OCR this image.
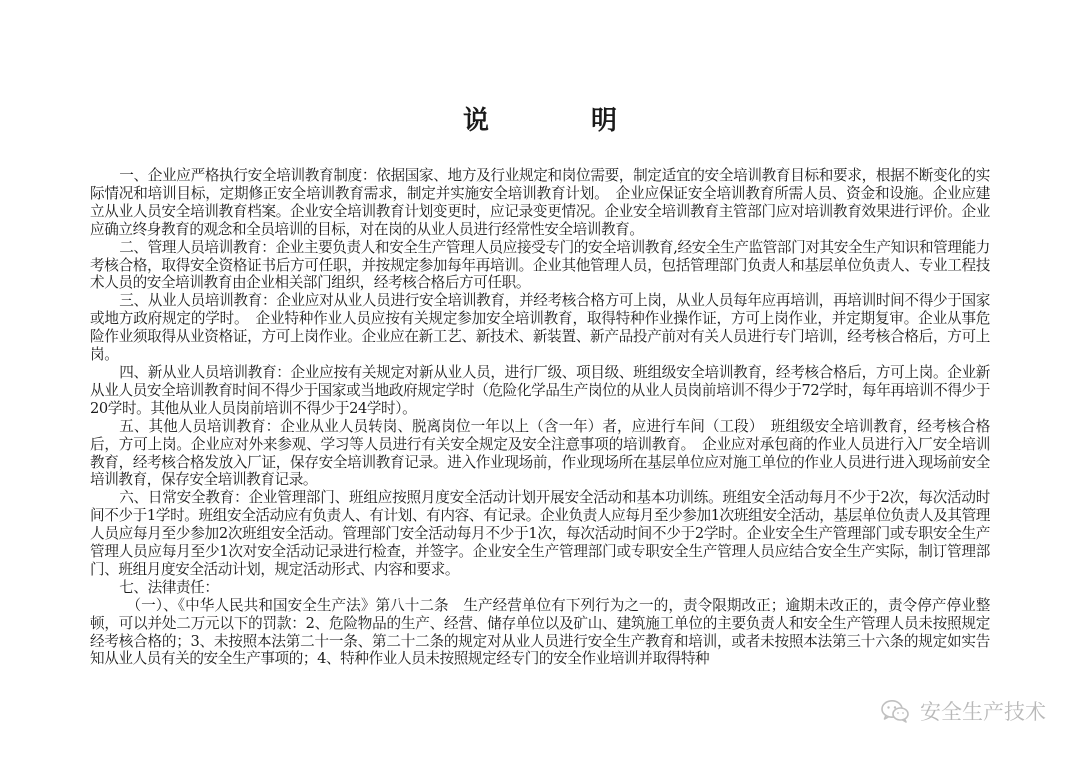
说　明

一、企业应严格执行安全培训教育制度：依据国家、地方及行业规定和岗位需要，制定适宜的安全培训教育目标和要求，根据不断变化的实际情况和培训目标，定期修正安全培训教育需求，制定并实施安全培训教育计划。　企业应保证安全培训教育所需人员、资金和设施。企业应建立从业人员安全培训教育档案。企业安全培训教育计划变更时，应记录变更情况。企业安全培训教育主管部门应对培训教育效果进行评价。企业应确立终身教育的观念和全员培训的目标，对在岗的从业人员进行经常性安全培训教育。

二、管理人员培训教育：企业主要负责人和安全生产管理人员应接受专门的安全培训教育,经安全生产监管部门对其安全生产知识和管理能力考核合格，取得安全资格证书后方可任职，并按规定参加每年再培训。企业其他管理人员，包括管理部门负责人和基层单位负责人、专业工程技术人员的安全培训教育由企业相关部门组织，经考核合格后方可任职。

三、从业人员培训教育：企业应对从业人员进行安全培训教育，并经考核合格方可上岗，从业人员每年应再培训，再培训时间不得少于国家或地方政府规定的学时。　企业特种作业人员应按有关规定参加安全培训教育，取得特种作业操作证，方可上岗作业，并定期复审。企业从事危险作业须取得从业资格证，方可上岗作业。企业应在新工艺、新技术、新装置、新产品投产前对有关人员进行专门培训，经考核合格后，方可上岗。

四、新从业人员培训教育：企业应按有关规定对新从业人员，进行厂级、项目级、班组级安全培训教育，经考核合格后，方可上岗。企业新从业人员安全培训教育时间不得少于国家或当地政府规定学时（危险化学品生产岗位的从业人员岗前培训不得少于72学时，每年再培训不得少于20学时。其他从业人员岗前培训不得少于24学时）。

五、其他人员培训教育：企业从业人员转岗、脱离岗位一年以上（含一年）者，应进行车间（工段）　班组级安全培训教育，经考核合格后，方可上岗。企业应对外来参观、学习等人员进行有关安全规定及安全注意事项的培训教育。　企业应对承包商的作业人员进行入厂安全培训教育，经考核合格发放入厂证，保存安全培训教育记录。进入作业现场前，作业现场所在基层单位应对施工单位的作业人员进行进入现场前安全培训教育，保存安全培训教育记录。

六、日常安全教育：企业管理部门、班组应按照月度安全活动计划开展安全活动和基本功训练。班组安全活动每月不少于2次，每次活动时间不少于1学时。班组安全活动应有负责人、有计划、有内容、有记录。企业负责人应每月至少参加1次班组安全活动，基层单位负责人及其管理人员应每月至少参加2次班组安全活动。管理部门安全活动每月不少于1次，每次活动时间不少于2学时。企业安全生产管理部门或专职安全生产管理人员应每月至少1次对安全活动记录进行检查，并签字。企业安全生产管理部门或专职安全生产管理人员应结合安全生产实际，制订管理部门、班组月度安全活动计划，规定活动形式、内容和要求。

七、法律责任：

（一）、《中华人民共和国安全生产法》第八十二条　生产经营单位有下列行为之一的，责令限期改正；逾期未改正的，责令停产停业整顿，可以并处二万元以下的罚款：2、危险物品的生产、经营、储存单位以及矿山、建筑施工单位的主要负责人和安全生产管理人员未按照规定经考核合格的；3、未按照本法第二十一条、第二十二条的规定对从业人员进行安全生产教育和培训，或者未按照本法第三十六条的规定如实告知从业人员有关的安全生产事项的；4、特种作业人员未按照规定经专门的安全作业培训并取得特种

安全生产技术
